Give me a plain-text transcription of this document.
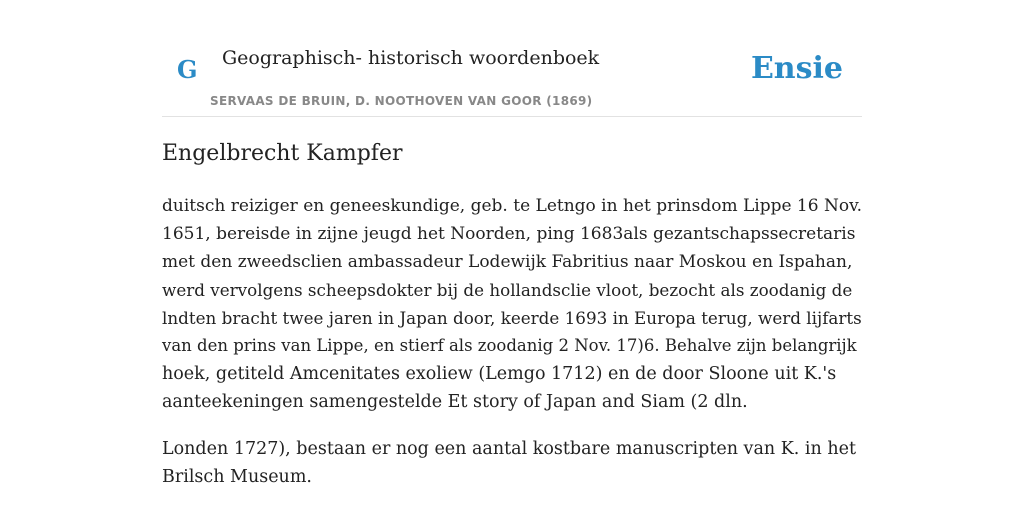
G Geographisch- historisch woordenboek
SERVAAS DE BRUIN, D. NOOTHOVEN VAN GOOR (1869)
Ensie
Engelbrecht Kampfer

duitsch reiziger en geneeskundige, geb. te Letngo in het prinsdom Lippe 16 Nov.
1651, bereisde in zijne jeugd het Noorden, ping 1683als gezantschapssecretaris
met den zweedsclien ambassadeur Lodewijk Fabritius naar Moskou en Ispahan,
werd vervolgens scheepsdokter bij de hollandsclie vloot, bezocht als zoodanig de
lndten bracht twee jaren in Japan door, keerde 1693 in Europa terug, werd lijfarts
van den prins van Lippe, en stierf als zoodanig 2 Nov. 17)6. Behalve zijn belangrijk
hoek, getiteld Amcenitates exoliew (Lemgo 1712) en de door Sloone uit K.'s
aanteekeningen samengestelde Et story of Japan and Siam (2 dln.

Londen 1727), bestaan er nog een aantal kostbare manuscripten van K. in het
Brilsch Museum.
